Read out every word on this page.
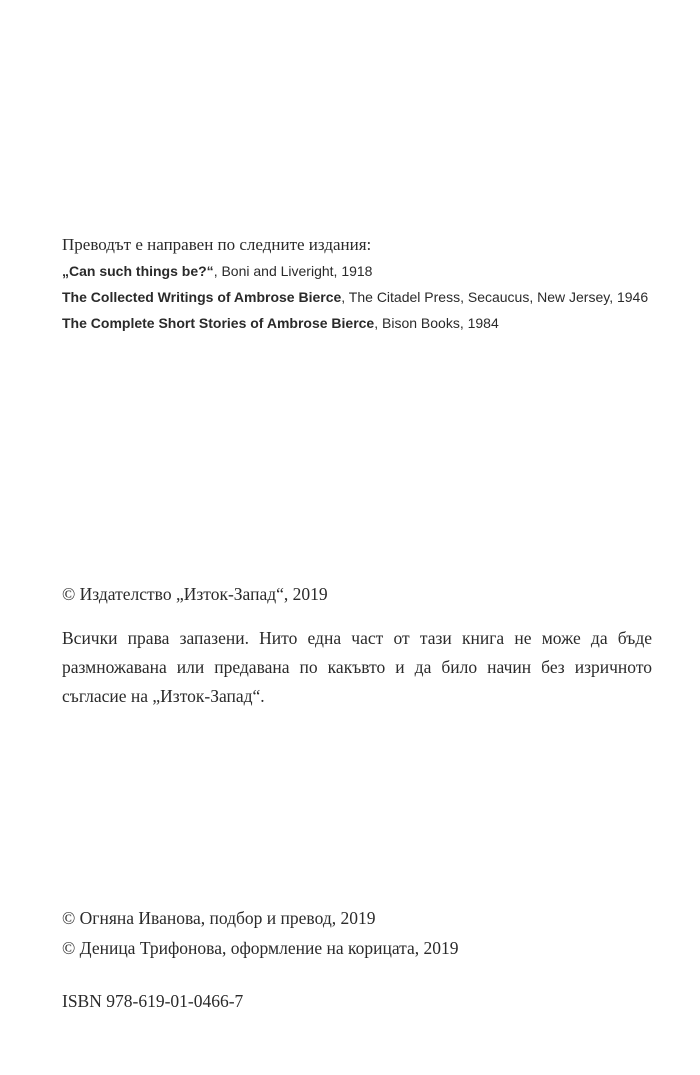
Преводът е направен по следните издания:

„Can such things be?“, Boni and Liveright, 1918

The Collected Writings of Ambrose Bierce, The Citadel Press, Secaucus, New Jersey, 1946

The Complete Short Stories of Ambrose Bierce, Bison Books, 1984

© Издателство „Изток-Запад“, 2019

Всички права запазени. Нито една част от тази книга не може да бъде размножавана или предавана по какъвто и да било начин без изричното съгласие на „Изток-Запад“.

© Огняна Иванова, подбор и превод, 2019

© Деница Трифонова, оформление на корицата, 2019

ISBN 978-619-01-0466-7
